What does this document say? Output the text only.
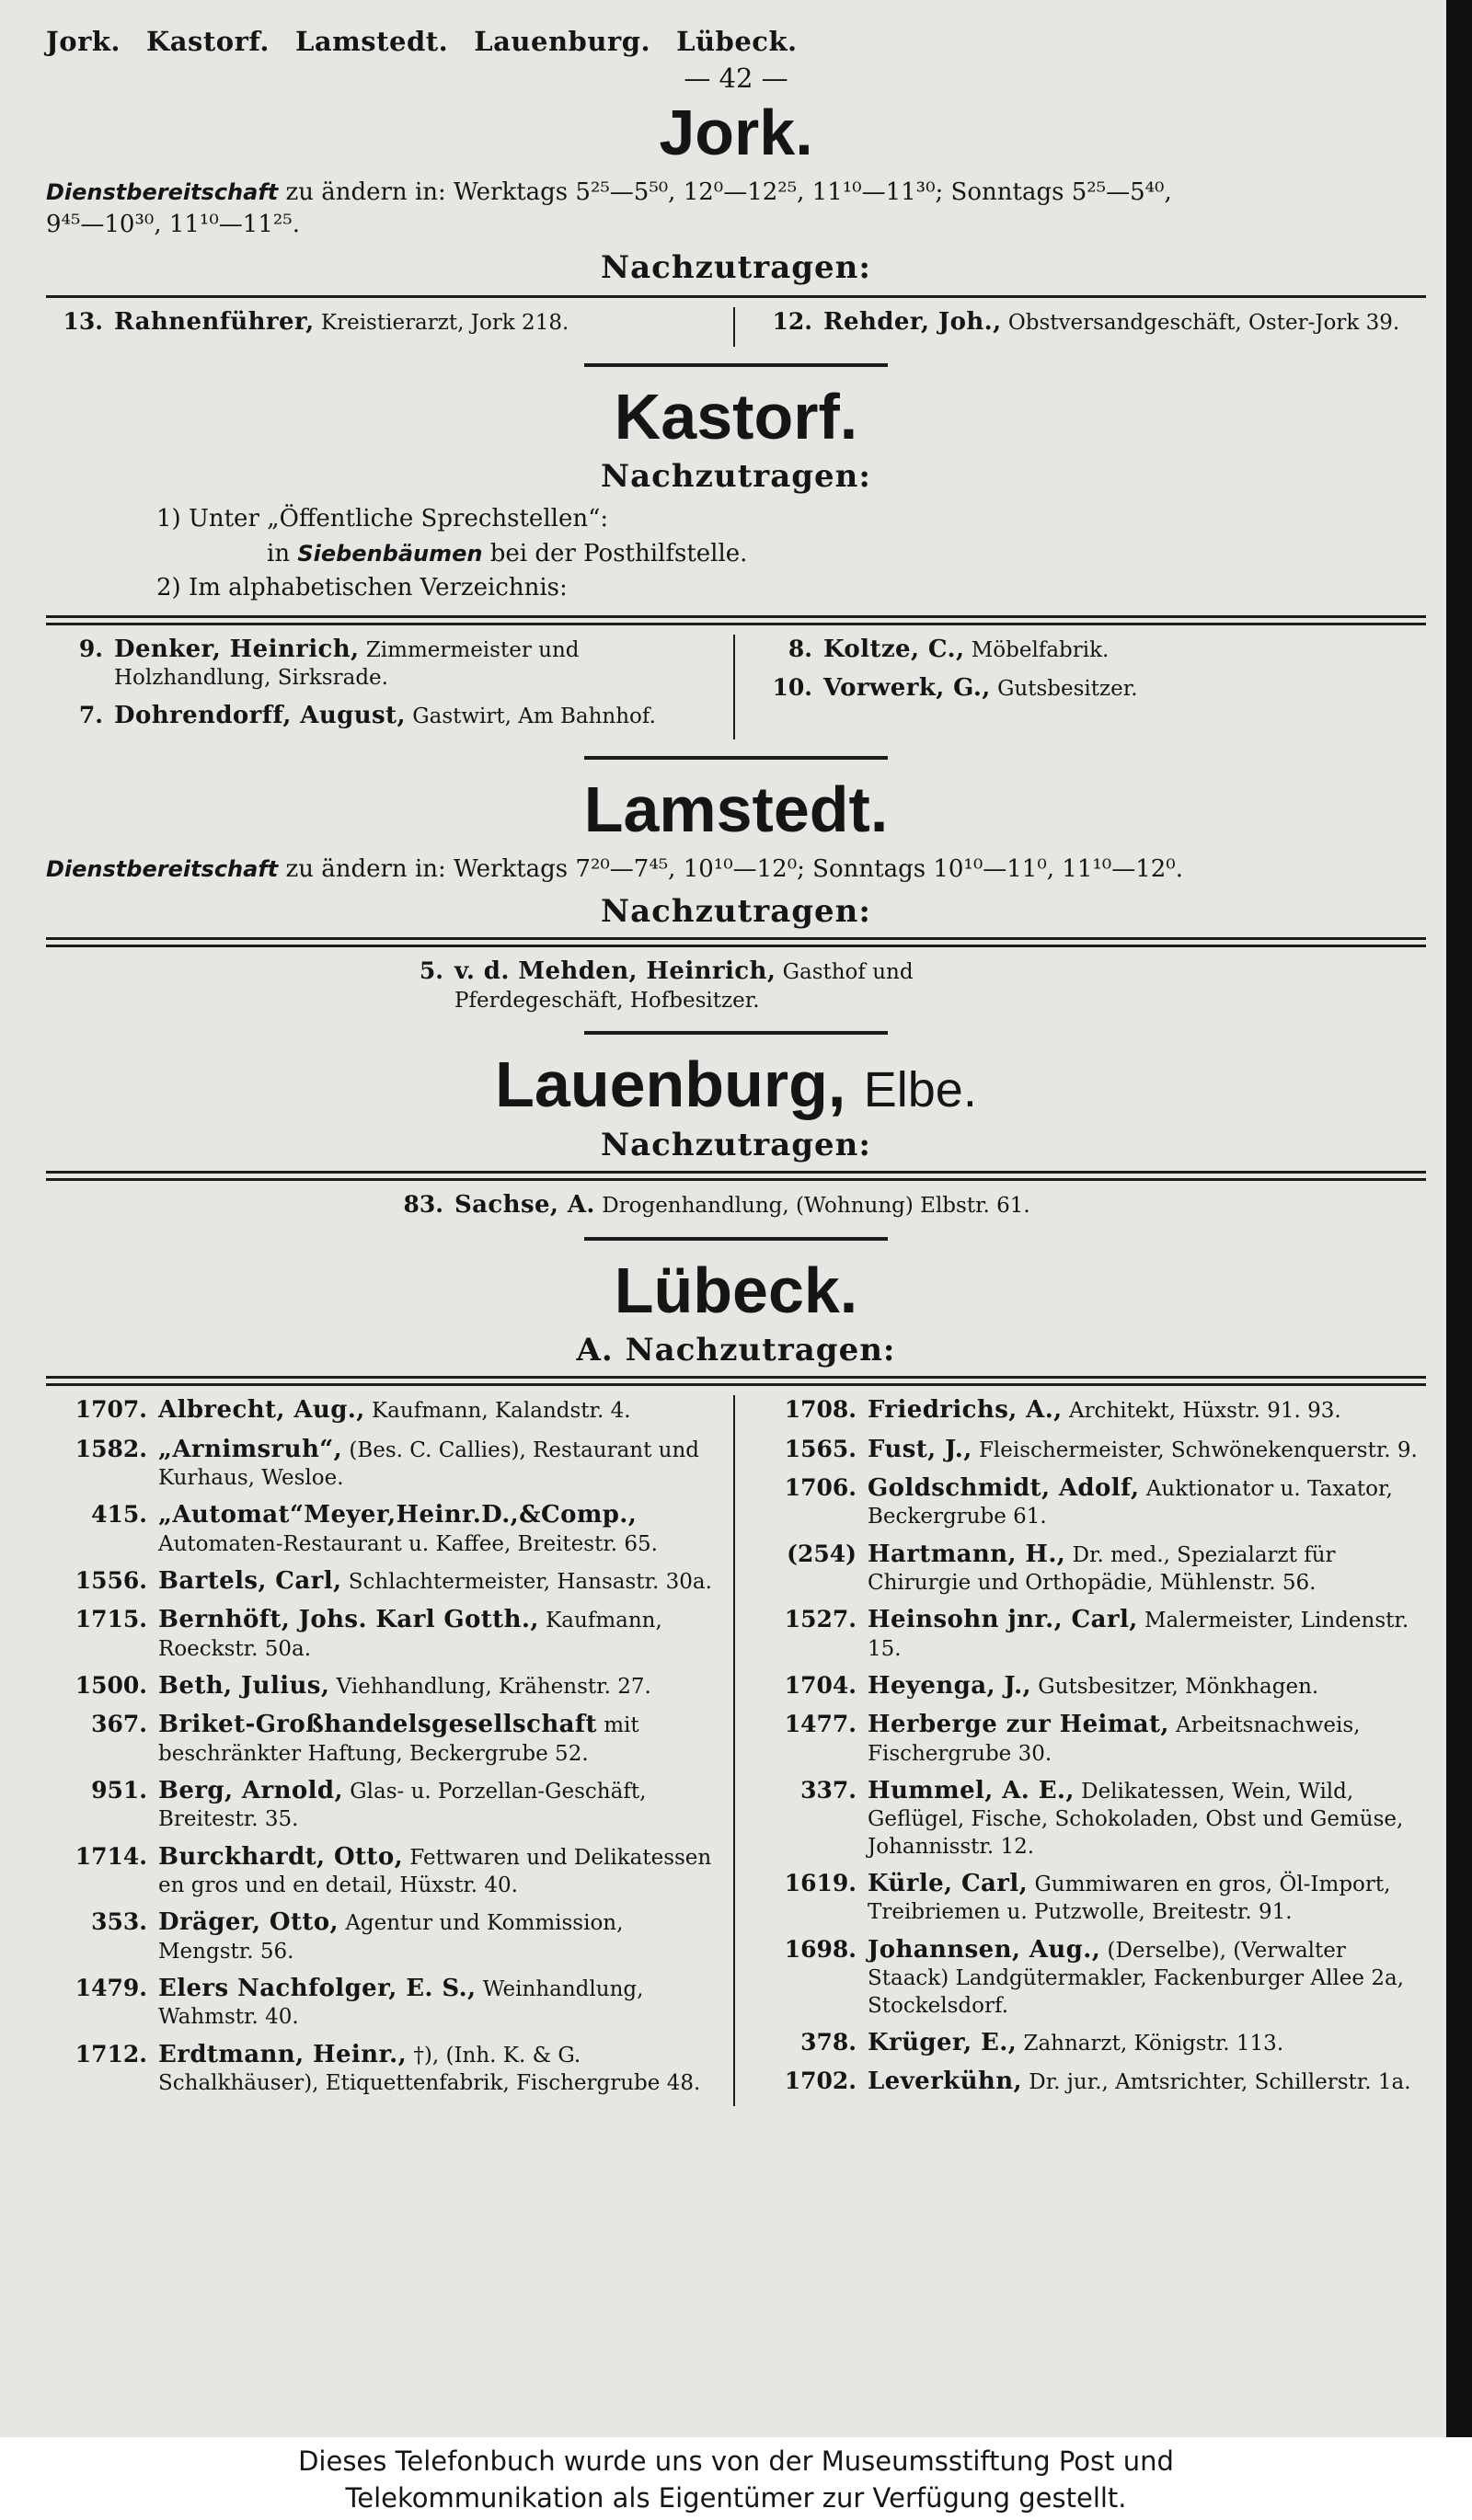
Jork. Kastorf. Lamstedt. Lauenburg. Lübeck.
— 42 —
Jork.
Dienstbereitschaft zu ändern in: Werktags 5²⁵—5⁵⁰, 12⁰—12²⁵, 11¹⁰—11³⁰; Sonntags 5²⁵—5⁴⁰,
9⁴⁵—10³⁰, 11¹⁰—11²⁵.
Nachzutragen:
13. Rahnenführer, Kreistierarzt, Jork 218.	12. Rehder, Joh., Obstversandgeschäft, Oster-Jork 39.
Kastorf.
Nachzutragen:
1) Unter „Öffentliche Sprechstellen“:
in Siebenbäumen bei der Posthilfstelle.
2) Im alphabetischen Verzeichnis:
9. Denker, Heinrich, Zimmermeister und Holzhandlung, Sirksrade.
7. Dohrendorff, August, Gastwirt, Am Bahnhof.
8. Koltze, C., Möbelfabrik.
10. Vorwerk, G., Gutsbesitzer.
Lamstedt.
Dienstbereitschaft zu ändern in: Werktags 7²⁰—7⁴⁵, 10¹⁰—12⁰; Sonntags 10¹⁰—11⁰, 11¹⁰—12⁰.
Nachzutragen:
5. v. d. Mehden, Heinrich, Gasthof und Pferdegeschäft, Hofbesitzer.
Lauenburg, Elbe.
Nachzutragen:
83. Sachse, A. Drogenhandlung, (Wohnung) Elbstr. 61.
Lübeck.
A. Nachzutragen:
1707. Albrecht, Aug., Kaufmann, Kalandstr. 4.
1582. „Arnimsruh“, (Bes. C. Callies), Restaurant und Kurhaus, Wesloe.
415. „Automat“Meyer,Heinr.D.,&Comp., Automaten-Restaurant u. Kaffee, Breitestr. 65.
1556. Bartels, Carl, Schlachtermeister, Hansastr. 30a.
1715. Bernhöft, Johs. Karl Gotth., Kaufmann, Roeckstr. 50a.
1500. Beth, Julius, Viehhandlung, Krähenstr. 27.
367. Briket-Großhandelsgesellschaft mit beschränkter Haftung, Beckergrube 52.
951. Berg, Arnold, Glas- u. Porzellan-Geschäft, Breitestr. 35.
1714. Burckhardt, Otto, Fettwaren und Delikatessen en gros und en detail, Hüxstr. 40.
353. Dräger, Otto, Agentur und Kommission, Mengstr. 56.
1479. Elers Nachfolger, E. S., Weinhandlung, Wahmstr. 40.
1712. Erdtmann, Heinr., †), (Inh. K. & G. Schalkhäuser), Etiquettenfabrik, Fischergrube 48.
1708. Friedrichs, A., Architekt, Hüxstr. 91. 93.
1565. Fust, J., Fleischermeister, Schwönekenquerstr. 9.
1706. Goldschmidt, Adolf, Auktionator u. Taxator, Beckergrube 61.
(254) Hartmann, H., Dr. med., Spezialarzt für Chirurgie und Orthopädie, Mühlenstr. 56.
1527. Heinsohn jnr., Carl, Malermeister, Lindenstr. 15.
1704. Heyenga, J., Gutsbesitzer, Mönkhagen.
1477. Herberge zur Heimat, Arbeitsnachweis, Fischergrube 30.
337. Hummel, A. E., Delikatessen, Wein, Wild, Geflügel, Fische, Schokoladen, Obst und Gemüse, Johannisstr. 12.
1619. Kürle, Carl, Gummiwaren en gros, Öl-Import, Treibriemen u. Putzwolle, Breitestr. 91.
1698. Johannsen, Aug., (Derselbe), (Verwalter Staack) Landgütermakler, Fackenburger Allee 2a, Stockelsdorf.
378. Krüger, E., Zahnarzt, Königstr. 113.
1702. Leverkühn, Dr. jur., Amtsrichter, Schillerstr. 1a.
Dieses Telefonbuch wurde uns von der Museumsstiftung Post und
Telekommunikation als Eigentümer zur Verfügung gestellt.
